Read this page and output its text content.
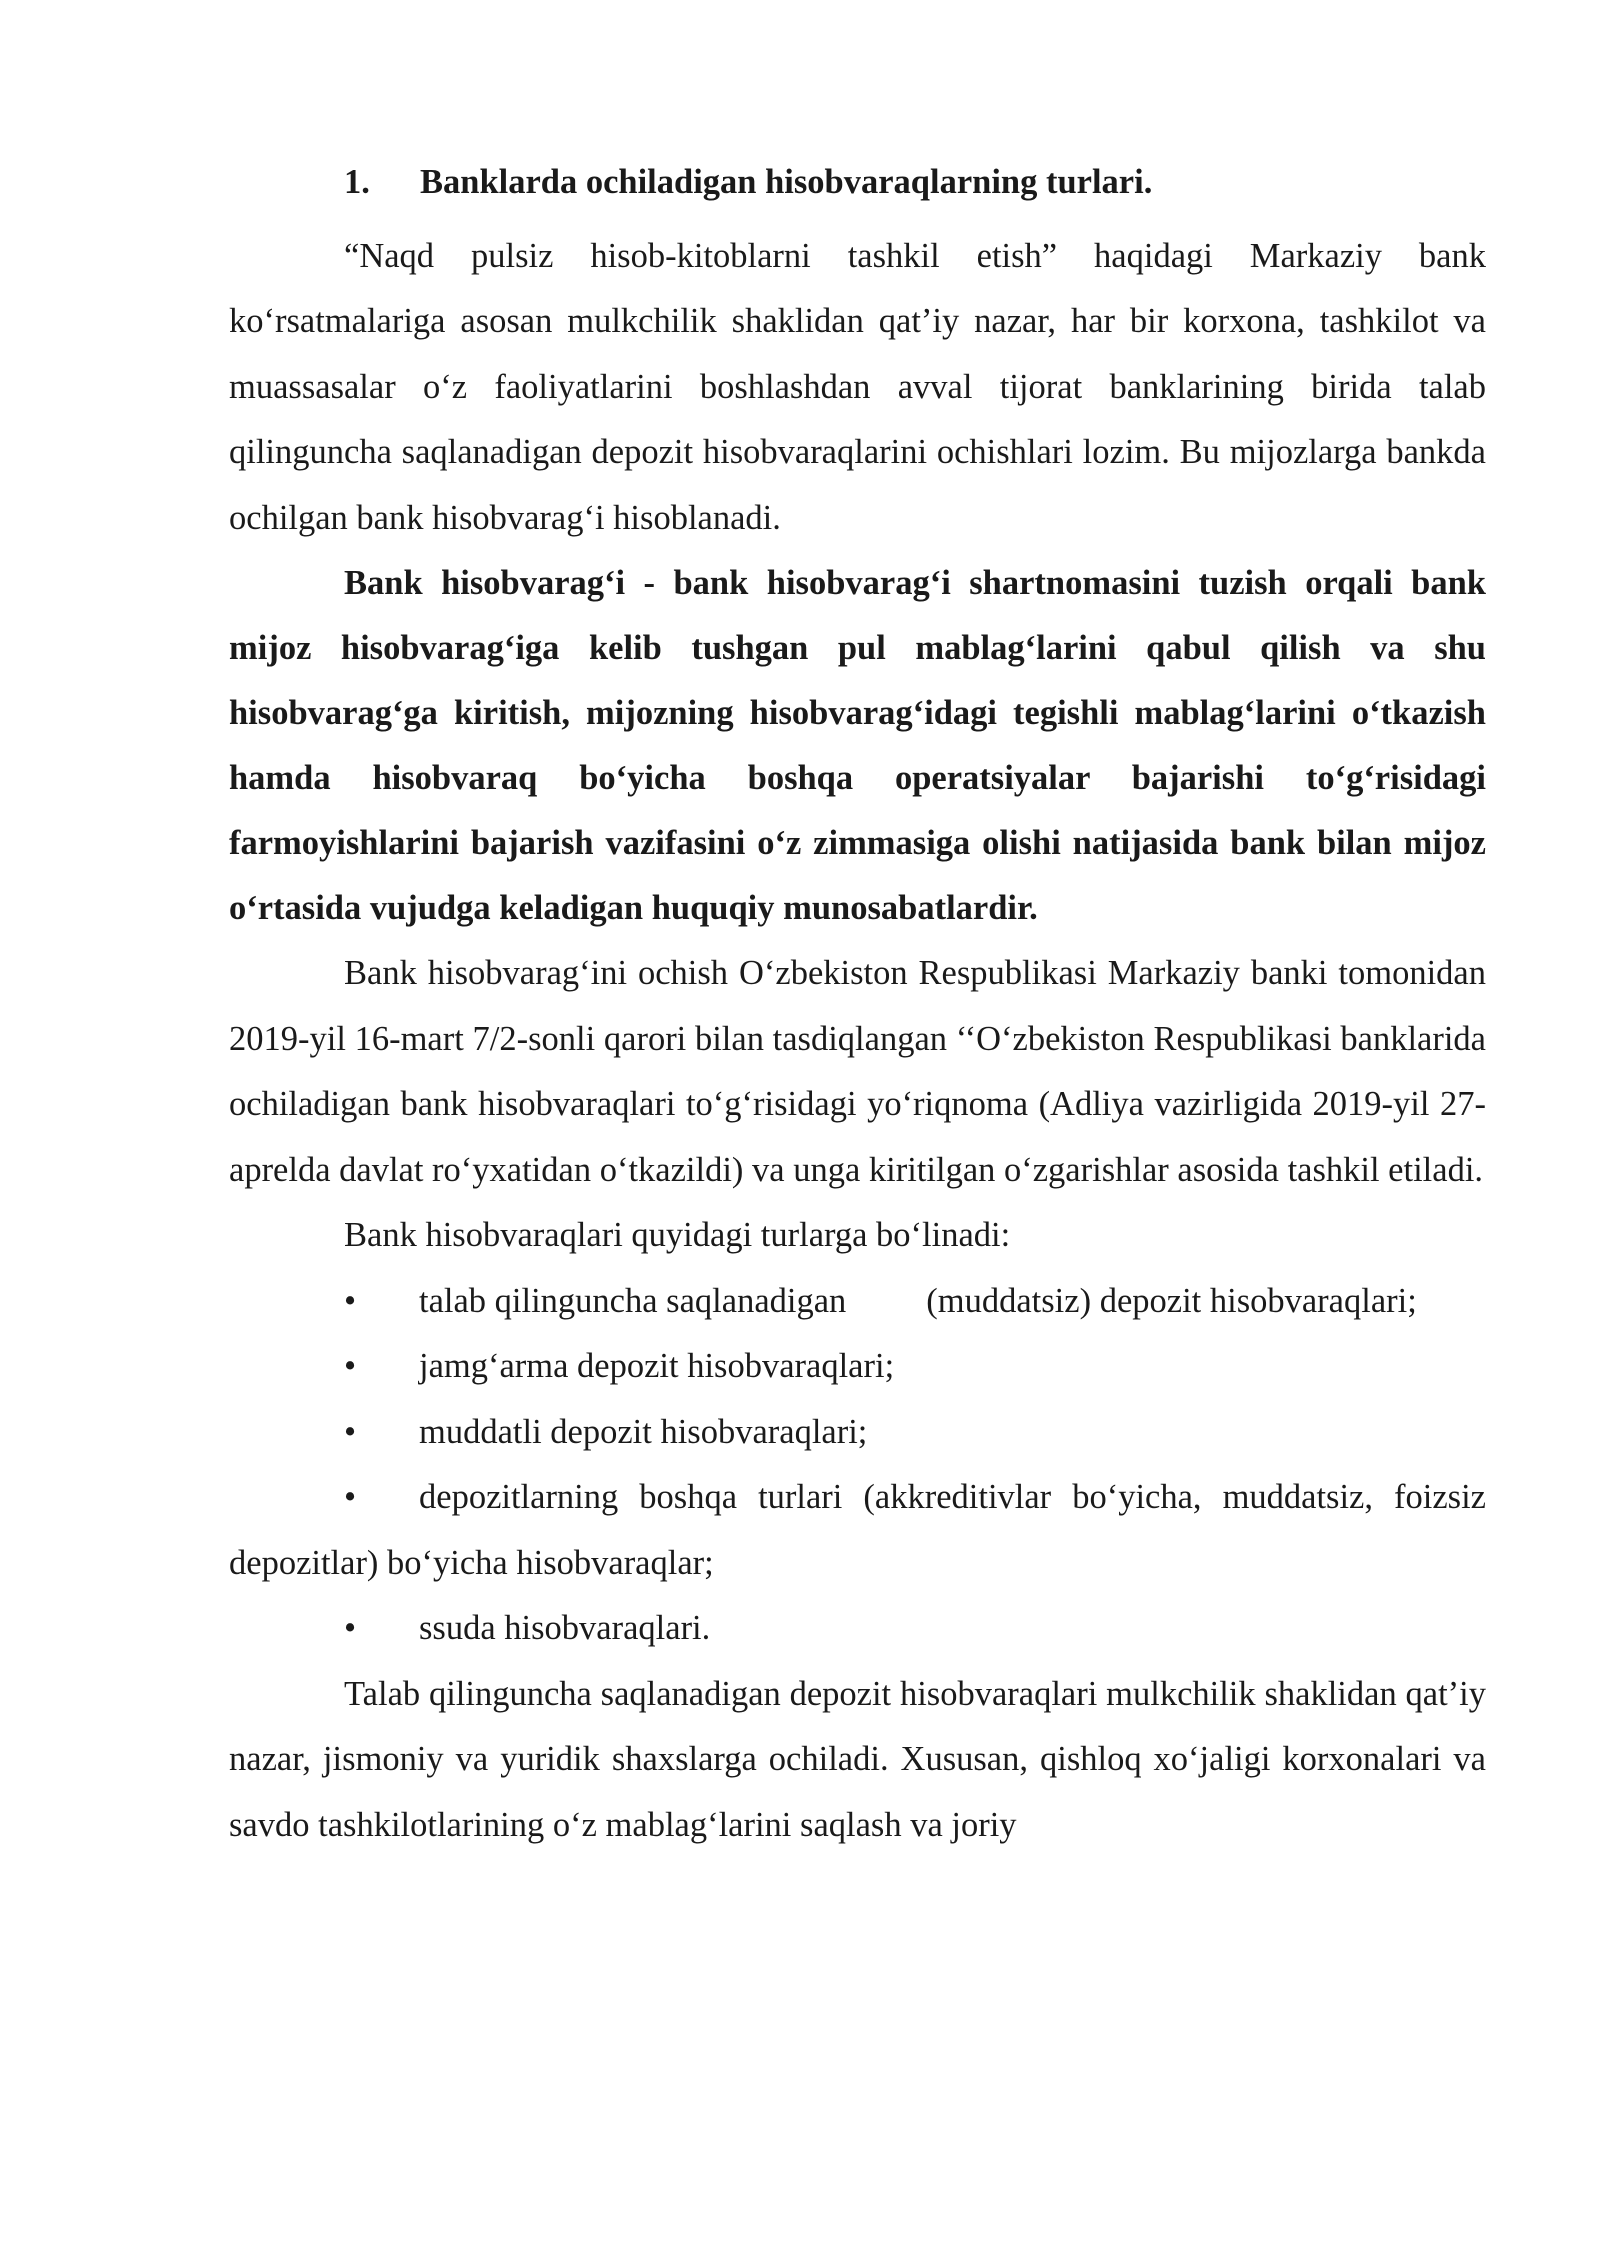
1. Banklarda ochiladigan hisobvaraqlarning turlari.

“Naqd pulsiz hisob-kitoblarni tashkil etish” haqidagi Markaziy bank ko‘rsatmalariga asosan mulkchilik shaklidan qat’iy nazar, har bir korxona, tashkilot va muassasalar o‘z faoliyatlarini boshlashdan avval tijorat banklarining birida talab qilinguncha saqlanadigan depozit hisobvaraqlarini ochishlari lozim. Bu mijozlarga bankda ochilgan bank hisobvarag‘i hisoblanadi.

Bank hisobvarag‘i - bank hisobvarag‘i shartnomasini tuzish orqali bank mijoz hisobvarag‘iga kelib tushgan pul mablag‘larini qabul qilish va shu hisobvarag‘ga kiritish, mijozning hisobvarag‘idagi tegishli mablag‘larini o‘tkazish hamda hisobvaraq bo‘yicha boshqa operatsiyalar bajarishi to‘g‘risidagi farmoyishlarini bajarish vazifasini o‘z zimmasiga olishi natijasida bank bilan mijoz o‘rtasida vujudga keladigan huquqiy munosabatlardir.

Bank hisobvarag‘ini ochish O‘zbekiston Respublikasi Markaziy banki tomonidan 2019-yil 16-mart 7/2-sonli qarori bilan tasdiqlangan ‘‘O‘zbekiston Respublikasi banklarida ochiladigan bank hisobvaraqlari to‘g‘risidagi yo‘riqnoma (Adliya vazirligida 2019-yil 27-aprelda davlat ro‘yxatidan o‘tkazildi) va unga kiritilgan o‘zgarishlar asosida tashkil etiladi.

Bank hisobvaraqlari quyidagi turlarga bo‘linadi:

• talab qilinguncha saqlanadigan (muddatsiz) depozit hisobvaraqlari;
• jamg‘arma depozit hisobvaraqlari;
• muddatli depozit hisobvaraqlari;
• depozitlarning boshqa turlari (akkreditivlar bo‘yicha, muddatsiz, foizsiz depozitlar) bo‘yicha hisobvaraqlar;
• ssuda hisobvaraqlari.

Talab qilinguncha saqlanadigan depozit hisobvaraqlari mulkchilik shaklidan qat’iy nazar, jismoniy va yuridik shaxslarga ochiladi. Xususan, qishloq xo‘jaligi korxonalari va savdo tashkilotlarining o‘z mablag‘larini saqlash va joriy
